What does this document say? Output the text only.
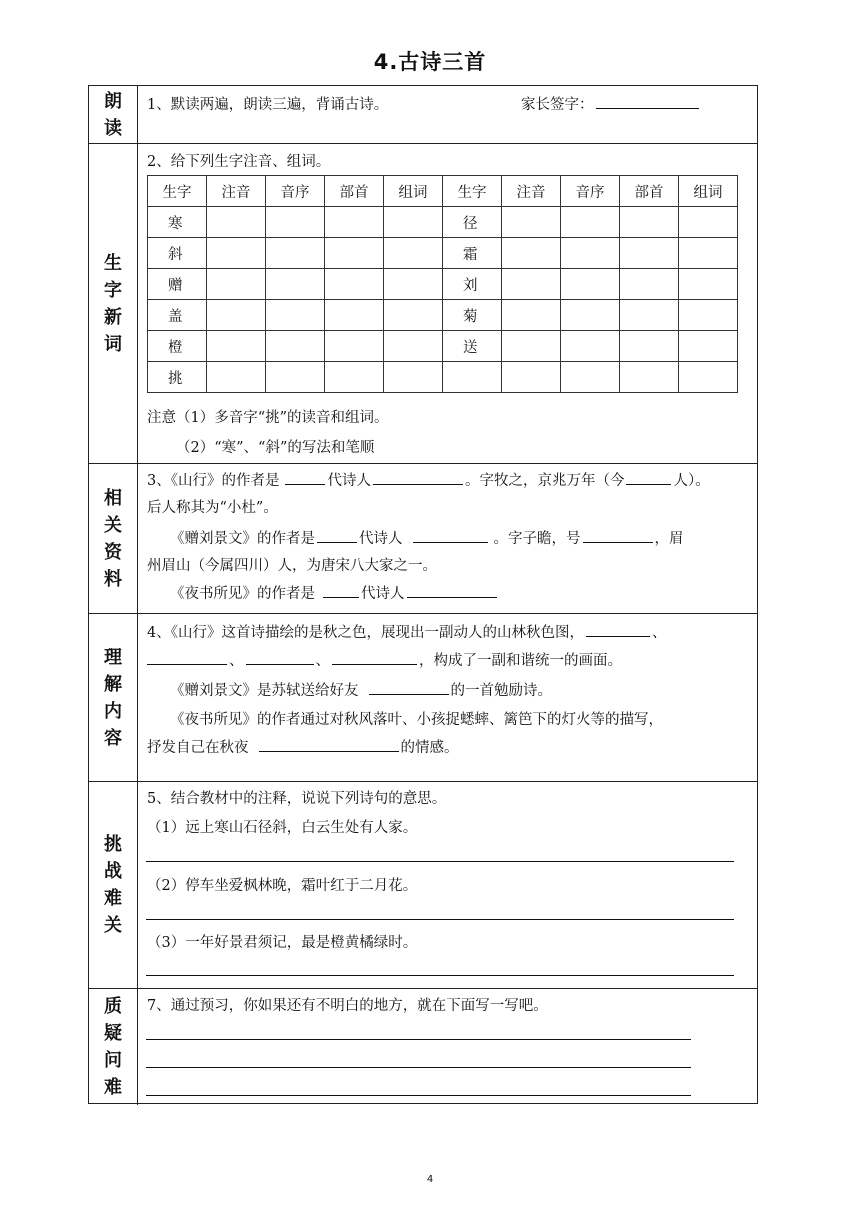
4.古诗三首
朗读
1、默读两遍，朗读三遍，背诵古诗。	家长签字：
生字新词
2、给下列生字注音、组词。
生字	注音	音序	部首	组词	生字	注音	音序	部首	组词
寒					径				
斜					霜				
赠					刘				
盖					菊				
橙					送				
挑									
注意（1）多音字“挑”的读音和组词。
（2）“寒”、“斜”的写法和笔顺
相关资料
3、《山行》的作者是	代诗人	。字牧之，京兆万年（今	人）。
后人称其为“小杜”。
《赠刘景文》的作者是	代诗人	。字子瞻，号	，眉
州眉山（今属四川）人，为唐宋八大家之一。
《夜书所见》的作者是	代诗人
理解内容
4、《山行》这首诗描绘的是秋之色，展现出一副动人的山林秋色图，	、
、	、	，构成了一副和谐统一的画面。
《赠刘景文》是苏轼送给好友	的一首勉励诗。
《夜书所见》的作者通过对秋风落叶、小孩捉蟋蟀、篱笆下的灯火等的描写，
抒发自己在秋夜	的情感。
挑战难关
5、结合教材中的注释，说说下列诗句的意思。
（1）远上寒山石径斜，白云生处有人家。
（2）停车坐爱枫林晚，霜叶红于二月花。
（3）一年好景君须记，最是橙黄橘绿时。
质疑问难
7、通过预习，你如果还有不明白的地方，就在下面写一写吧。
4
